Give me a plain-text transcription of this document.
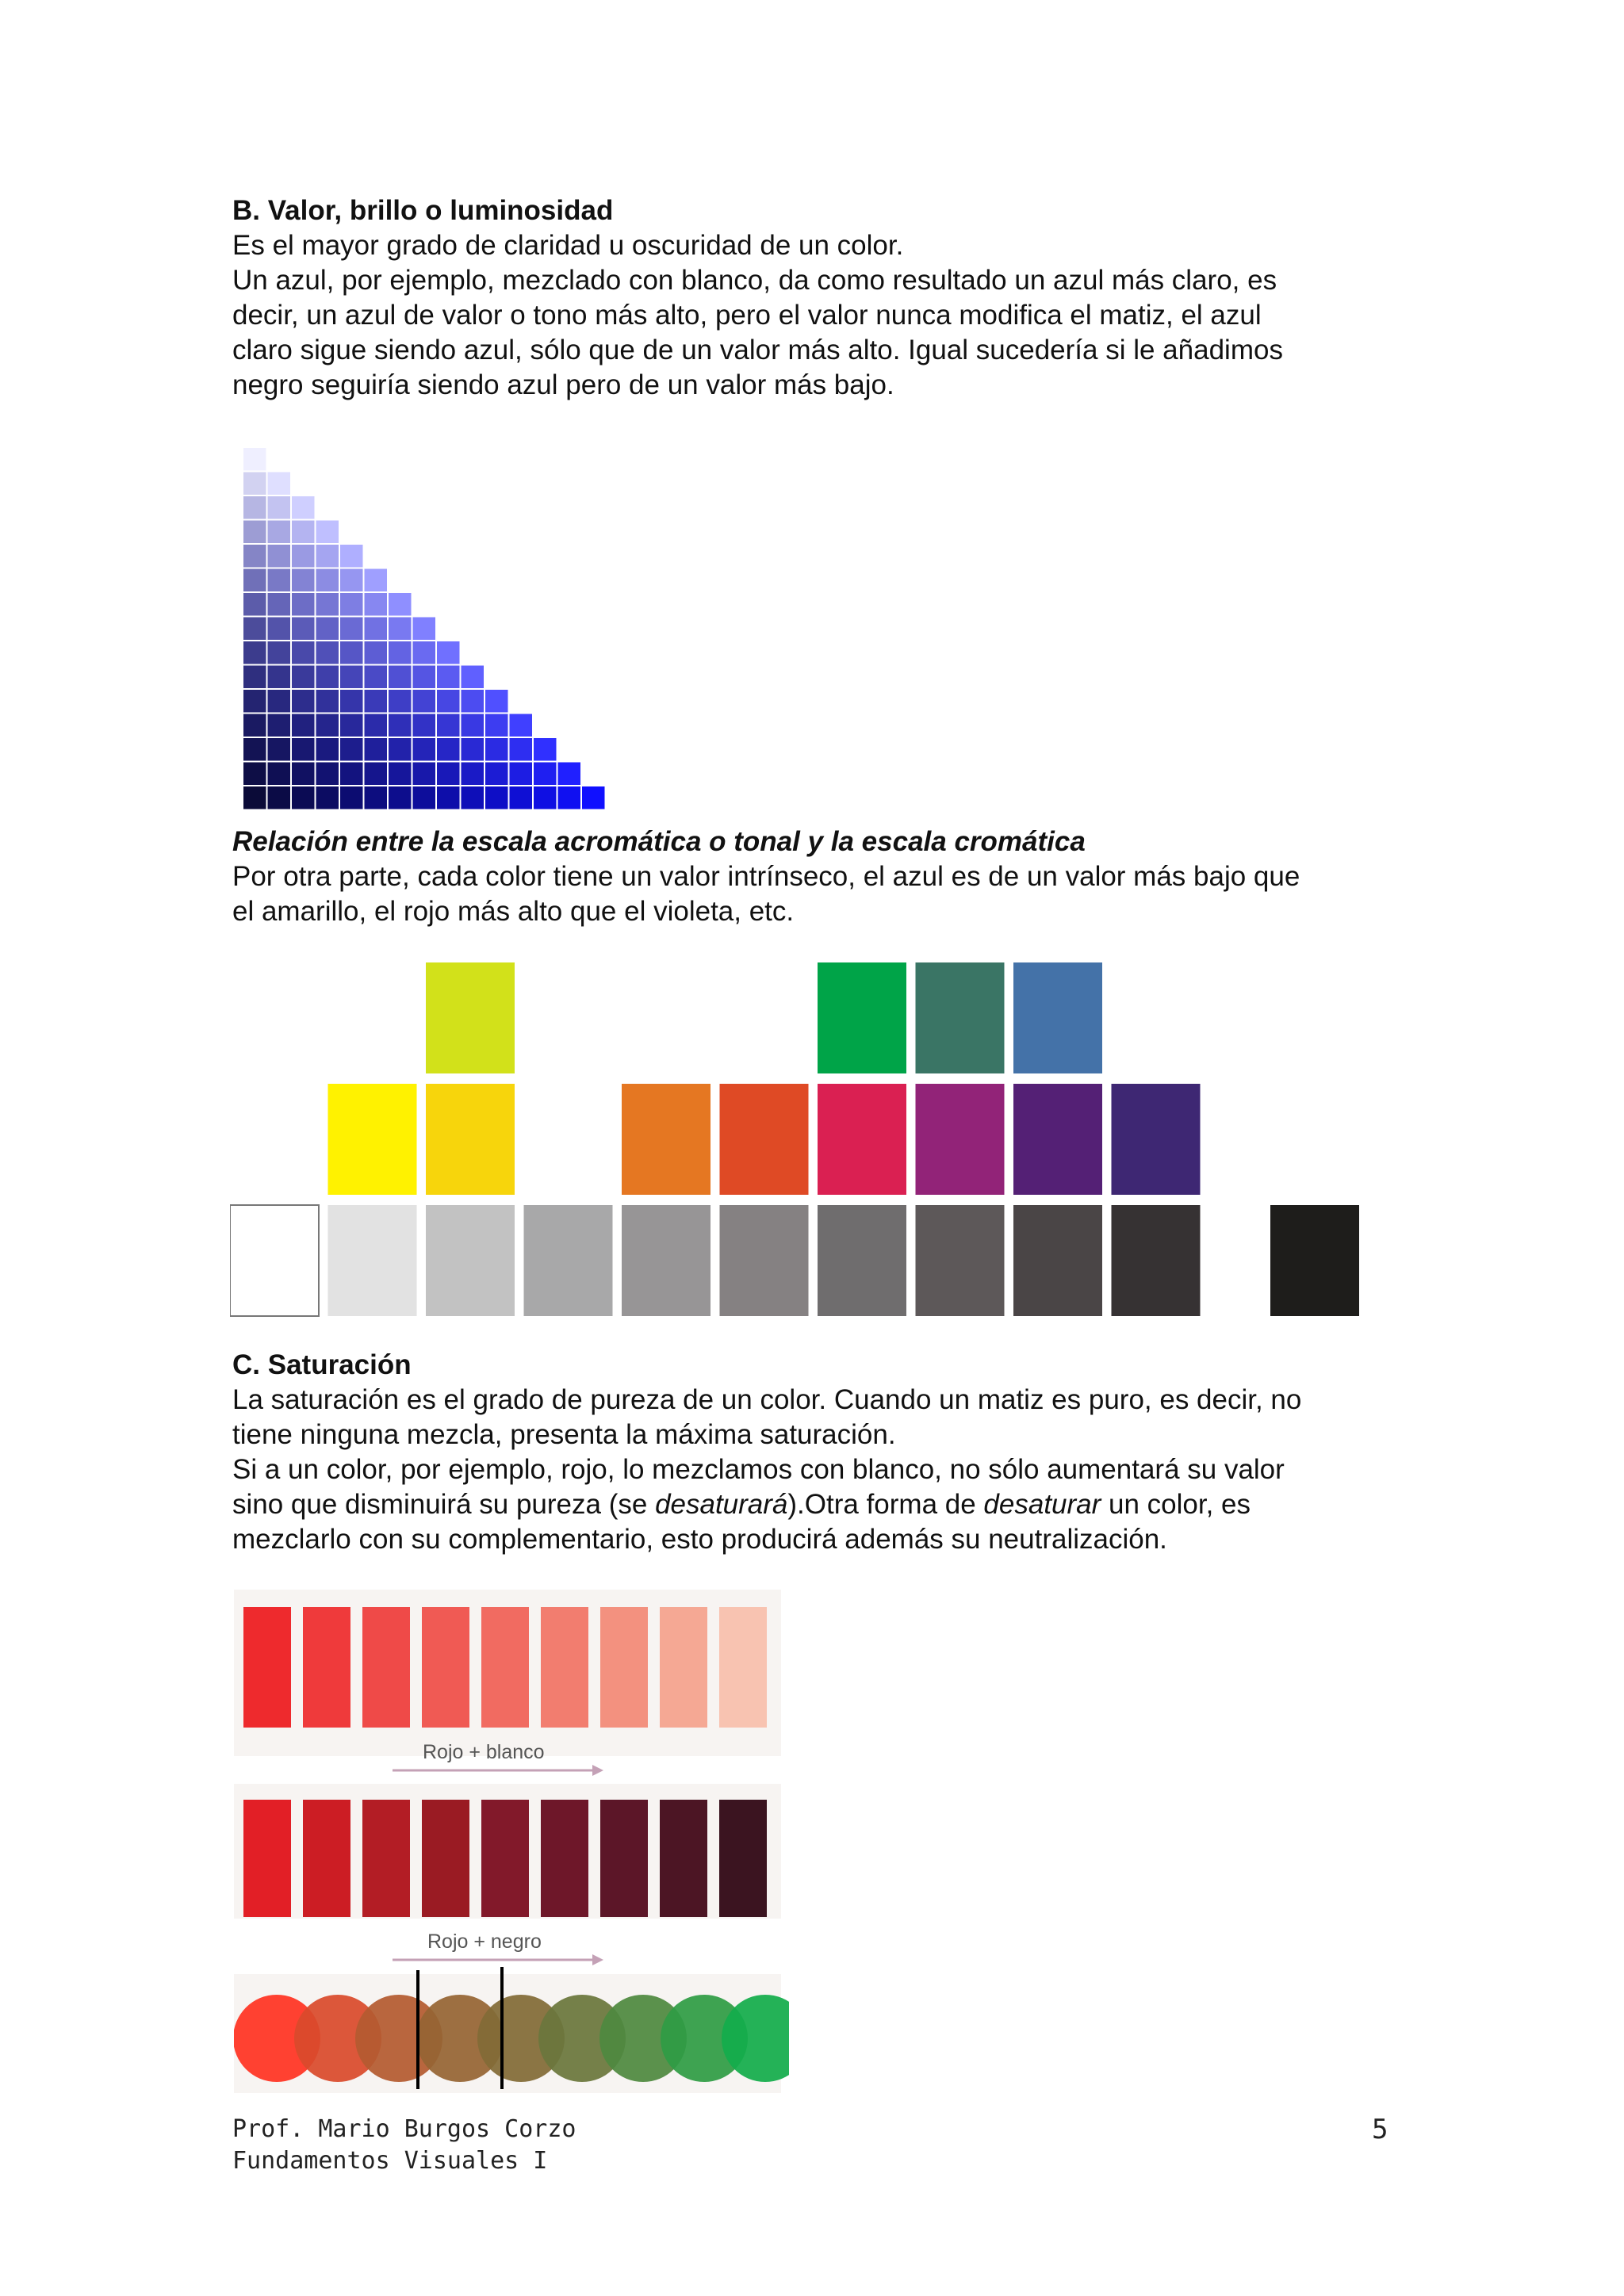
B. Valor, brillo o luminosidad

Es el mayor grado de claridad u oscuridad de un color.

Un azul, por ejemplo, mezclado con blanco, da como resultado un azul más claro, es

decir, un azul de valor o tono más alto, pero el valor nunca modifica el matiz, el azul

claro sigue siendo azul, sólo que de un valor más alto. Igual sucedería si le añadimos

negro seguiría siendo azul pero de un valor más bajo.

Relación entre la escala acromática o tonal y la escala cromática

Por otra parte, cada color tiene un valor intrínseco, el azul es de un valor más bajo que

el amarillo, el rojo más alto que el violeta, etc.

C. Saturación

La saturación es el grado de pureza de un color. Cuando un matiz es puro, es decir, no

tiene ninguna mezcla, presenta la máxima saturación.

Si a un color, por ejemplo, rojo, lo mezclamos con blanco, no sólo aumentará su valor

sino que disminuirá su pureza (se desaturará).Otra forma de desaturar un color, es

mezclarlo con su complementario, esto producirá además su neutralización.

Rojo + blanco
Rojo + negro

Prof. Mario Burgos Corzo

Fundamentos Visuales I

5
